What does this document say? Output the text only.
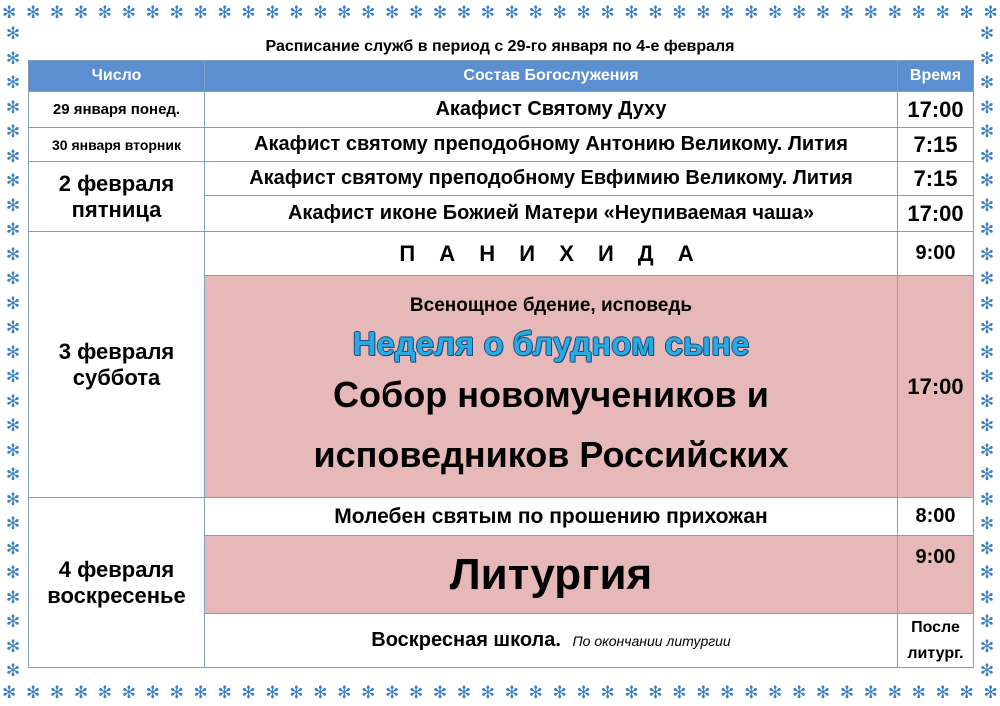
✻ ✻ ✻ ✻ ✻ ✻ ✻ ✻ ✻ ✻ ✻ ✻ ✻ ✻ ✻ ✻ ✻ ✻ ✻ ✻ ✻ ✻ ✻ ✻ ✻ ✻ ✻ ✻ ✻ ✻ ✻ ✻ ✻ ✻ ✻ ✻ ✻ ✻ ✻ ✻ ✻ ✻
✻ ✻ ✻ ✻ ✻ ✻ ✻ ✻ ✻ ✻ ✻ ✻ ✻ ✻ ✻ ✻ ✻ ✻ ✻ ✻ ✻ ✻ ✻ ✻ ✻ ✻ ✻ ✻ ✻ ✻ ✻ ✻ ✻ ✻ ✻ ✻ ✻ ✻ ✻ ✻ ✻ ✻
✻
✻
✻
✻
✻
✻
✻
✻
✻
✻
✻
✻
✻
✻
✻
✻
✻
✻
✻
✻
✻
✻
✻
✻
✻
✻
✻
✻
✻
✻
✻
✻
✻
✻
✻
✻
✻
✻
✻
✻
✻
✻
✻
✻
✻
✻
✻
✻
✻
✻
✻
✻
✻
✻
Расписание служб в период с 29-го января по 4-е февраля
Число	Состав Богослужения	Время
29 января понед.	Акафист Святому Духу	17:00
30 января вторник	Акафист святому преподобному Антонию Великому. Лития	7:15
2 февраля
пятница	Акафист святому преподобному Евфимию Великому. Лития	7:15
	Акафист иконе Божией Матери «Неупиваемая чаша»	17:00
3 февраля
суббота	П А Н И Х И Д А	9:00

	Всенощное бдение, исповедь
Неделя о блудном сыне
Собор новомучеников и
исповедников Российских	17:00
4 февраля
воскресенье	Молебен святым по прошению прихожан	8:00
	Литургия	9:00
	Воскресная школа. По окончании литургии	После
литург.
